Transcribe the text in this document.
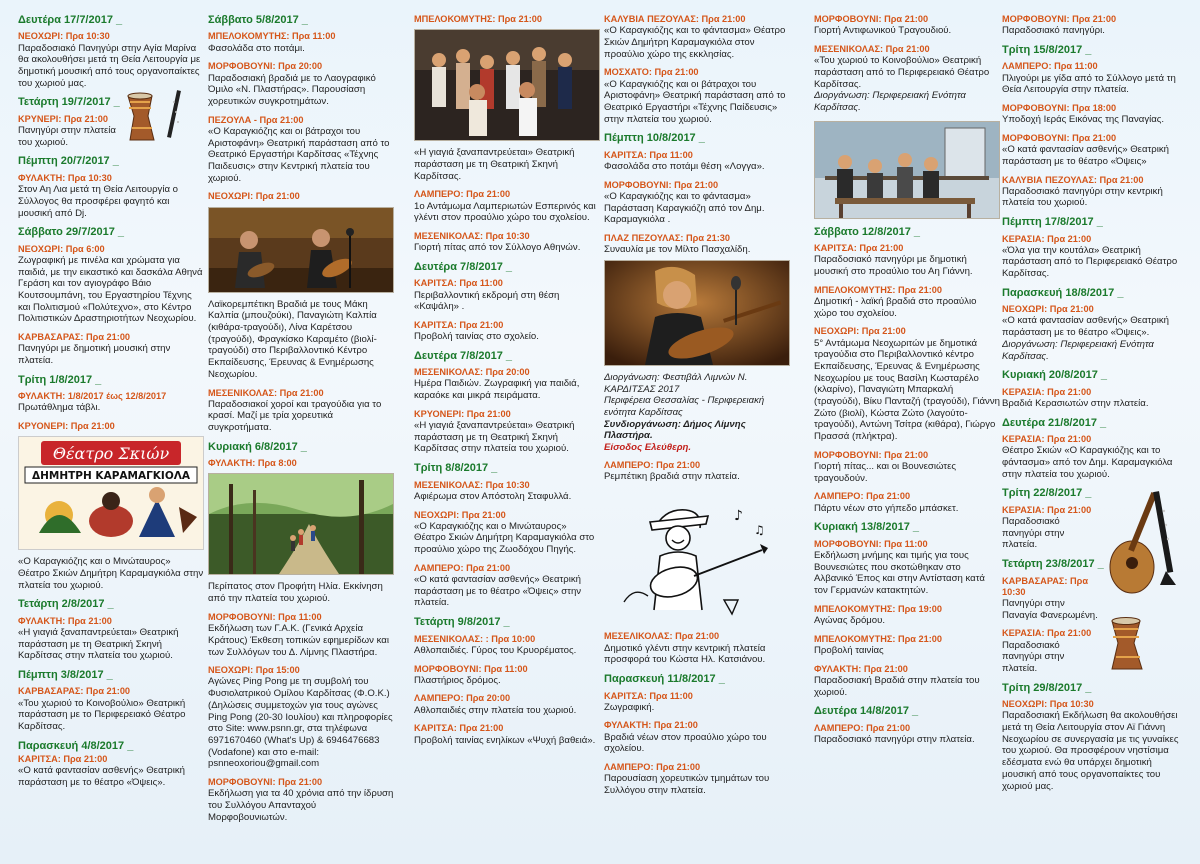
Δευτέρα 17/7/2017 _
ΝΕΟΧΩΡΙ: Πρα 10:30
Παραδοσιακό Πανηγύρι στην Αγία Μαρίνα θα ακολουθήσει μετά τη Θεία Λειτουργία με δημοτική μουσική από τους οργανοπαίκτες του χωριού μας.
Τετάρτη 19/7/2017 _
ΚΡΥΝΕΡΙ: Πρα 21:00
Πανηγύρι στην πλατεία του χωριού.
Πέμπτη 20/7/2017 _
ΦΥΛΑΚΤΗ: Πρα 10:30
Στον Αη Λια μετά τη Θεία Λειτουργία ο Σύλλογος θα προσφέρει φαγητό και μουσική από Dj.
Σάββατο 29/7/2017 _
ΝΕΟΧΩΡΙ: Πρα 6:00
Ζωγραφική με πινέλα και χρώματα για παιδιά, με την εικαστικό και δασκάλα Αθηνά Γεράση και τον αγιογράφο Βάιο Κουτσουμπάνη, του Εργαστηρίου Τέχνης και Πολιτισμού «Πολύτεχνο», στο Κέντρο Πολιτιστικών Δραστηριοτήτων Νεοχωρίου.
ΚΑΡΒΑΣΑΡΑΣ: Πρα 21:00
Πανηγύρι με δημοτική μουσική στην πλατεία.
Τρίτη 1/8/2017 _
ΦΥΛΑΚΤΗ: 1/8/2017 έως 12/8/2017
Πρωτάθλημα τάβλι.
ΚΡΥΟΝΕΡΙ: Πρα 21:00
Θέατρο Σκιών
ΔΗΜΗΤΡΗ ΚΑΡΑΜΑΓΚΙΟΛΑ
«Ο Καραγκιόζης και ο Μινώταυρος» Θέατρο Σκιών Δημήτρη Καραμαγκιόλα στην πλατεία του χωριού.
Τετάρτη 2/8/2017 _
ΦΥΛΑΚΤΗ: Πρα 21:00
«Η γιαγιά ξαναπαντρεύεται» Θεατρική παράσταση με τη Θεατρική Σκηνή Καρδίτσας στην πλατεία του χωριού.
Πέμπτη 3/8/2017 _
ΚΑΡΒΑΣΑΡΑΣ: Πρα 21:00
«Του χωριού το Κοινοβούλιο» Θεατρική παράσταση με το Περιφερειακό Θέατρο Καρδίτσας.
Παρασκευή 4/8/2017 _
ΚΑΡΙΤΣΑ: Πρα 21:00
«Ο κατά φαντασίαν ασθενής» Θεατρική παράσταση με το θέατρο «Όψεις».
Σάββατο 5/8/2017 _
ΜΠΕΛΟΚΟΜΥΤΗΣ: Πρα 11:00
Φασολάδα στο ποτάμι.
ΜΟΡΦΟΒΟΥΝΙ: Πρα 20:00
Παραδοσιακή βραδιά με το Λαογραφικό Όμιλο «Ν. Πλαστήρας». Παρουσίαση χορευτικών συγκροτημάτων.
ΠΕΖΟΥΛΑ - Πρα 21:00
«Ο Καραγκιόζης και οι βάτραχοι του Αριστοφάνη» Θεατρική παράσταση από το Θεατρικό Εργαστήρι Καρδίτσας «Τέχνης Παιδευσις» στην Κεντρική πλατεία του χωριού.
ΝΕΟΧΩΡΙ: Πρα 21:00
Λαϊκορεμπέτικη Βραδιά με τους Μάκη Καλπία (μπουζούκι), Παναγιώτη Καλπία (κιθάρα-τραγούδι), Λίνα Καρέτσου (τραγούδι), Φραγκίσκο Καραμέτο (βιολί-τραγούδι) στο Περιβαλλοντικό Κέντρο Εκπαίδευσης, Έρευνας & Ενημέρωσης Νεοχωρίου.
ΜΕΣΕΝΙΚΟΛΑΣ: Πρα 21:00
Παραδοσιακοί χοροί και τραγούδια για το κρασί. Μαζί με τρία χορευτικά συγκροτήματα.
Κυριακή 6/8/2017 _
ΦΥΛΑΚΤΗ: Πρα 8:00
Περίπατος στον Προφήτη Ηλία. Εκκίνηση από την πλατεία του χωριού.
ΜΟΡΦΟΒΟΥΝΙ: Πρα 11:00
Εκδήλωση των Γ.Α.Κ. (Γενικά Αρχεία Κράτους) Έκθεση τοπικών εφημερίδων και των Συλλόγων του Δ. Λίμνης Πλαστήρα.
ΝΕΟΧΩΡΙ: Πρα 15:00
Αγώνες Ping Pong με τη συμβολή του Φυσιολατρικού Ομίλου Καρδίτσας (Φ.Ο.Κ.) (Δηλώσεις συμμετοχών για τους αγώνες Ping Pong (20-30 Ιουλίου) και πληροφορίες στο Site: www.psnn.gr, στα τηλέφωνα 6971670460 (What's Up) & 6946476683 (Vodafone) και στο e-mail: psnneoxoriou@gmail.com
ΜΟΡΦΟΒΟΥΝΙ: Πρα 21:00
Εκδήλωση για τα 40 χρόνια από την ίδρυση του Συλλόγου Απανταχού Μορφοβουνιωτών.
ΜΠΕΛΟΚΟΜΥΤΗΣ: Πρα 21:00
«Η γιαγιά ξαναπαντρεύεται» Θεατρική παράσταση με τη Θεατρική Σκηνή Καρδίτσας.
ΛΑΜΠΕΡΟ: Πρα 21:00
1ο Αντάμωμα Λαμπεριωτών Εσπερινός και γλέντι στον προαύλιο χώρο του σχολείου.
ΜΕΣΕΝΙΚΟΛΑΣ: Πρα 10:30
Γιορτή πίτας από τον Σύλλογο Αθηνών.
Δευτέρα 7/8/2017 _
ΚΑΡΙΤΣΑ: Πρα 11:00
Περιβαλλοντική εκδρομή στη θέση «Καψάλη» .
ΚΑΡΙΤΣΑ: Πρα 21:00
Προβολή ταινίας στο σχολείο.
Δευτέρα 7/8/2017 _
ΜΕΣΕΝΙΚΟΛΑΣ: Πρα 20:00
Ημέρα Παιδιών. Ζωγραφική για παιδιά, καραόκε και μικρά πειράματα.
ΚΡΥΟΝΕΡΙ: Πρα 21:00
«Η γιαγιά ξαναπαντρεύεται» Θεατρική παράσταση με τη Θεατρική Σκηνή Καρδίτσας στην πλατεία του χωριού.
Τρίτη 8/8/2017 _
ΜΕΣΕΝΙΚΟΛΑΣ: Πρα 10:30
Αφιέρωμα στον Απόστολη Σταφυλλά.
ΝΕΟΧΩΡΙ: Πρα 21:00
«Ο Καραγκιόζης και ο Μινώταυρος» Θέατρο Σκιών Δημήτρη Καραμαγκιόλα στο προαύλιο χώρο της Ζωοδόχου Πηγής.
ΛΑΜΠΕΡΟ: Πρα 21:00
«Ο κατά φαντασίαν ασθενής» Θεατρική παράσταση με το θέατρο «Όψεις» στην πλατεία.
Τετάρτη 9/8/2017 _
ΜΕΣΕΝΙΚΟΛΑΣ: : Πρα 10:00
Αθλοπαιδιές. Γύρος του Κρυορέματος.
ΜΟΡΦΟΒΟΥΝΙ: Πρα 11:00
Πλαστήριος δρόμος.
ΛΑΜΠΕΡΟ: Πρα 20:00
Αθλοπαιδιές στην πλατεία του χωριού.
ΚΑΡΙΤΣΑ: Πρα 21:00
Προβολή ταινίας ενηλίκων «Ψυχή βαθειά».
ΚΑΛΥΒΙΑ ΠΕΖΟΥΛΑΣ: Πρα 21:00
«Ο Καραγκιόζης και το φάντασμα» Θέατρο Σκιών Δημήτρη Καραμαγκιόλα στον προαύλιο χώρο της εκκλησίας.
ΜΟΣΧΑΤΟ: Πρα 21:00
«Ο Καραγκιόζης και οι βάτραχοι του Αριστοφάνη» Θεατρική παράσταση από το Θεατρικό Εργαστήρι «Τέχνης Παίδευσις» στην πλατεία του χωριού.
Πέμπτη 10/8/2017 _
ΚΑΡΙΤΣΑ: Πρα 11:00
Φασολάδα στο ποτάμι θέση «Λογγα».
ΜΟΡΦΟΒΟΥΝΙ: Πρα 21:00
«Ο Καραγκιόζης και το φάντασμα» Παράσταση Καραγκιόζη από τον Δημ. Καραμαγκιόλα .
ΠΛΑΖ ΠΕΖΟΥΛΑΣ: Πρα 21:30
Συναυλία με τον Μίλτο Πασχαλίδη.
Διοργάνωση: Φεστιβάλ Λιμνών Ν. ΚΑΡΔΙΤΣΑΣ 2017
Περιφέρεια Θεσσαλίας - Περιφερειακή ενότητα Καρδίτσας
Συνδιοργάνωση: Δήμος Λίμνης Πλαστήρα.
Είσοδος Ελεύθερη.
ΛΑΜΠΕΡΟ: Πρα 21:00
Ρεμπέτικη βραδιά στην πλατεία.
♪
♫
ΜΕΣΕΛΙΚΟΛΑΣ: Πρα 21:00
Δημοτικό γλέντι στην κεντρική πλατεία προσφορά του Κώστα Ηλ. Κατσιάνου.
Παρασκευή 11/8/2017 _
ΚΑΡΙΤΣΑ: Πρα 11:00
Ζωγραφική.
ΦΥΛΑΚΤΗ: Πρα 21:00
Βραδιά νέων στον προαύλιο χώρο του σχολείου.
ΛΑΜΠΕΡΟ: Πρα 21:00
Παρουσίαση χορευτικών τμημάτων του Συλλόγου στην πλατεία.
ΜΟΡΦΟΒΟΥΝΙ: Πρα 21:00
Γιορτή Αντιφωνικού Τραγουδιού.
ΜΕΣΕΝΙΚΟΛΑΣ: Πρα 21:00
«Του χωριού το Κοινοβούλιο» Θεατρική παράσταση από το Περιφερειακό Θέατρο Καρδίτσας.
Διοργάνωση: Περιφερειακή Ενότητα Καρδίτσας.
Σάββατο 12/8/2017 _
ΚΑΡΙΤΣΑ: Πρα 21:00
Παραδοσιακό πανηγύρι με δημοτική μουσική στο προαύλιο του Αη Γιάννη.
ΜΠΕΛΟΚΟΜΥΤΗΣ: Πρα 21:00
Δημοτική - λαϊκή βραδιά στο προαύλιο χώρο του σχολείου.
ΝΕΟΧΩΡΙ: Πρα 21:00
5° Αντάμωμα Νεοχωριτών με δημοτικά τραγούδια στο Περιβαλλοντικό κέντρο Εκπαίδευσης, Έρευνας & Ενημέρωσης Νεοχωρίου με τους Βασίλη Κωσταρέλο (κλαρίνο), Παναγιώτη Μπαρκαλή (τραγούδι), Βίκυ Πανταζή (τραγούδι), Γιάννη Ζώτο (βιολί), Κώστα Ζώτο (λαγούτο-τραγούδι), Αντώνη Τσίτρα (κιθάρα), Γιώργο Πρασσά (πλήκτρα).
ΜΟΡΦΟΒΟΥΝΙ: Πρα 21:00
Γιορτή πίτας... και οι Βουνεσιώτες τραγουδούν.
ΛΑΜΠΕΡΟ: Πρα 21:00
Πάρτυ νέων στο γήπεδο μπάσκετ.
Κυριακή 13/8/2017 _
ΜΟΡΦΟΒΟΥΝΙ: Πρα 11:00
Εκδήλωση μνήμης και τιμής για τους Βουνεσιώτες που σκοτώθηκαν στο Αλβανικό Έπος και στην Αντίσταση κατά τον Γερμανών κατακτητών.
ΜΠΕΛΟΚΟΜΥΤΗΣ: Πρα 19:00
Αγώνας δρόμου.
ΜΠΕΛΟΚΟΜΥΤΗΣ: Πρα 21:00
Προβολή ταινίας
ΦΥΛΑΚΤΗ: Πρα 21:00
Παραδοσιακή Βραδιά στην πλατεία του χωριού.
Δευτέρα 14/8/2017 _
ΛΑΜΠΕΡΟ: Πρα 21:00
Παραδοσιακό πανηγύρι στην πλατεία.
ΜΟΡΦΟΒΟΥΝΙ: Πρα 21:00
Παραδοσιακό πανηγύρι.
Τρίτη 15/8/2017 _
ΛΑΜΠΕΡΟ: Πρα 11:00
Πλιγούρι με γίδα από το Σύλλογο μετά τη Θεία Λειτουργία στην πλατεία.
ΜΟΡΦΟΒΟΥΝΙ: Πρα 18:00
Υποδοχή Ιεράς Εικόνας της Παναγίας.
ΜΟΡΦΟΒΟΥΝΙ: Πρα 21:00
«Ο κατά φαντασίαν ασθενής» Θεατρική παράσταση με το θέατρο «Όψεις»
ΚΑΛΥΒΙΑ ΠΕΖΟΥΛΑΣ: Πρα 21:00
Παραδοσιακό πανηγύρι στην κεντρική πλατεία του χωριού.
Πέμπτη 17/8/2017 _
ΚΕΡΑΣΙΑ: Πρα 21:00
«Όλα για την κουτάλα» Θεατρική παράσταση από το Περιφερειακό Θέατρο Καρδίτσας.
Παρασκευή 18/8/2017 _
ΝΕΟΧΩΡΙ: Πρα 21:00
«Ο κατά φαντασίαν ασθενής» Θεατρική παράσταση με το θέατρο «Όψεις».
Διοργάνωση: Περιφερειακή Ενότητα Καρδίτσας.
Κυριακή 20/8/2017 _
ΚΕΡΑΣΙΑ: Πρα 21:00
Βραδιά Κερασιωτών στην πλατεία.
Δευτέρα 21/8/2017 _
ΚΕΡΑΣΙΑ: Πρα 21:00
Θέατρο Σκιών «Ο Καραγκιόζης και το φάντασμα» από τον Δημ. Καραμαγκιόλα στην πλατεία του χωριού.
Τρίτη 22/8/2017 _
ΚΕΡΑΣΙΑ: Πρα 21:00
Παραδοσιακό πανηγύρι στην πλατεία.
Τετάρτη 23/8/2017 _
ΚΑΡΒΑΣΑΡΑΣ: Πρα 10:30
Πανηγύρι στην Παναγία Φανερωμένη.
ΚΕΡΑΣΙΑ: Πρα 21:00
Παραδοσιακό πανηγύρι στην πλατεία.
Τρίτη 29/8/2017 _
ΝΕΟΧΩΡΙ: Πρα 10:30
Παραδοσιακή Εκδήλωση θα ακολουθήσει μετά τη Θεία Λειτουργία στον Αϊ Γιάννη Νεοχωρίου σε συνεργασία με τις γυναίκες του χωριού. Θα προσφέρουν νηστίσιμα εδέσματα ενώ θα υπάρχει δημοτική μουσική από τους οργανοπαίκτες του χωριού μας.
